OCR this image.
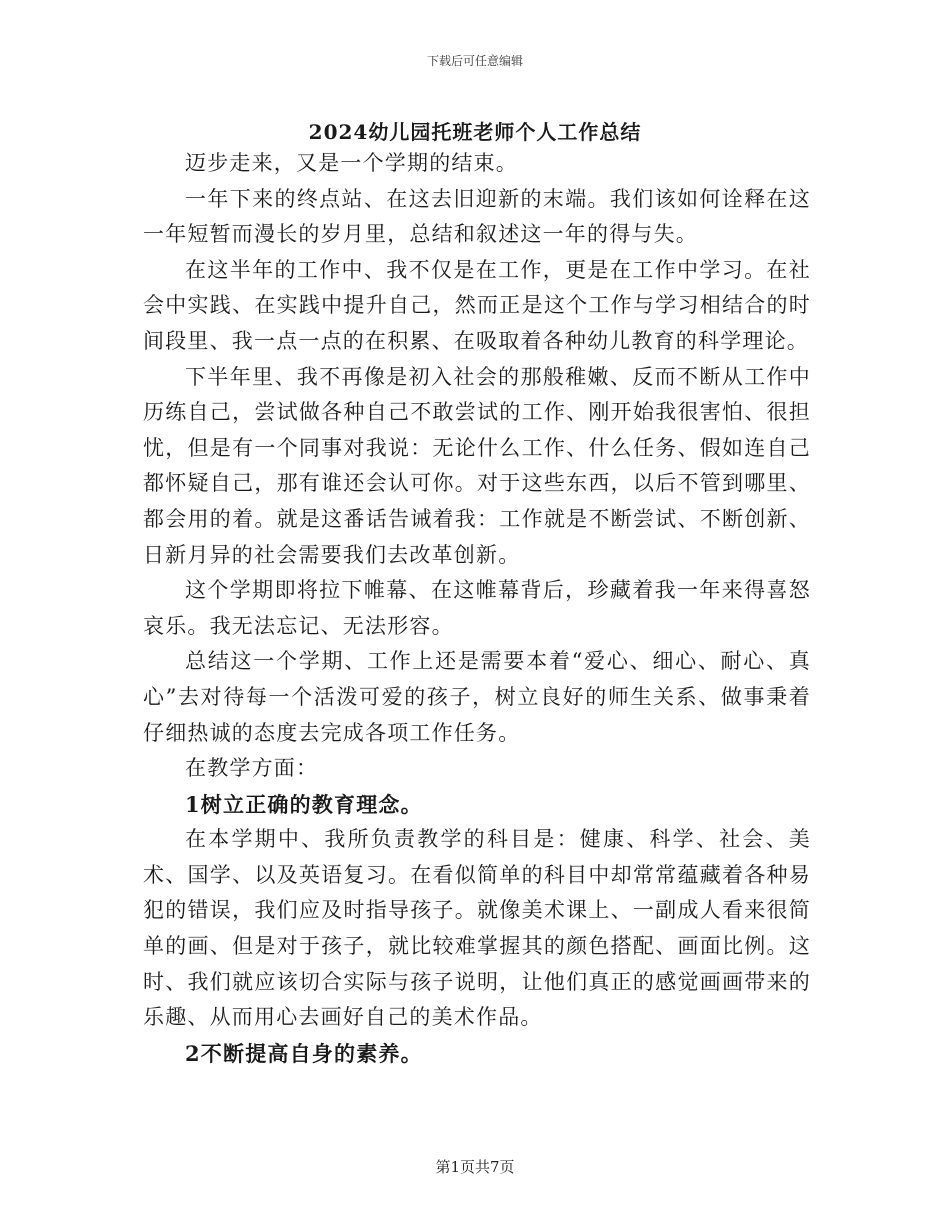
下载后可任意编辑
2024幼儿园托班老师个人工作总结

迈步走来，又是一个学期的结束。

一年下来的终点站、在这去旧迎新的末端。我们该如何诠释在这一年短暂而漫长的岁月里，总结和叙述这一年的得与失。

在这半年的工作中、我不仅是在工作，更是在工作中学习。在社会中实践、在实践中提升自己，然而正是这个工作与学习相结合的时间段里、我一点一点的在积累、在吸取着各种幼儿教育的科学理论。

下半年里、我不再像是初入社会的那般稚嫩、反而不断从工作中历练自己，尝试做各种自己不敢尝试的工作、刚开始我很害怕、很担忧，但是有一个同事对我说：无论什么工作、什么任务、假如连自己都怀疑自己，那有谁还会认可你。对于这些东西，以后不管到哪里、都会用的着。就是这番话告诫着我：工作就是不断尝试、不断创新、日新月异的社会需要我们去改革创新。

这个学期即将拉下帷幕、在这帷幕背后，珍藏着我一年来得喜怒哀乐。我无法忘记、无法形容。

总结这一个学期、工作上还是需要本着“爱心、细心、耐心、真心”去对待每一个活泼可爱的孩子，树立良好的师生关系、做事秉着仔细热诚的态度去完成各项工作任务。

在教学方面：

1树立正确的教育理念。

在本学期中、我所负责教学的科目是：健康、科学、社会、美术、国学、以及英语复习。在看似简单的科目中却常常蕴藏着各种易犯的错误，我们应及时指导孩子。就像美术课上、一副成人看来很简单的画、但是对于孩子，就比较难掌握其的颜色搭配、画面比例。这时、我们就应该切合实际与孩子说明，让他们真正的感觉画画带来的乐趣、从而用心去画好自己的美术作品。

2不断提高自身的素养。

第1页共7页
